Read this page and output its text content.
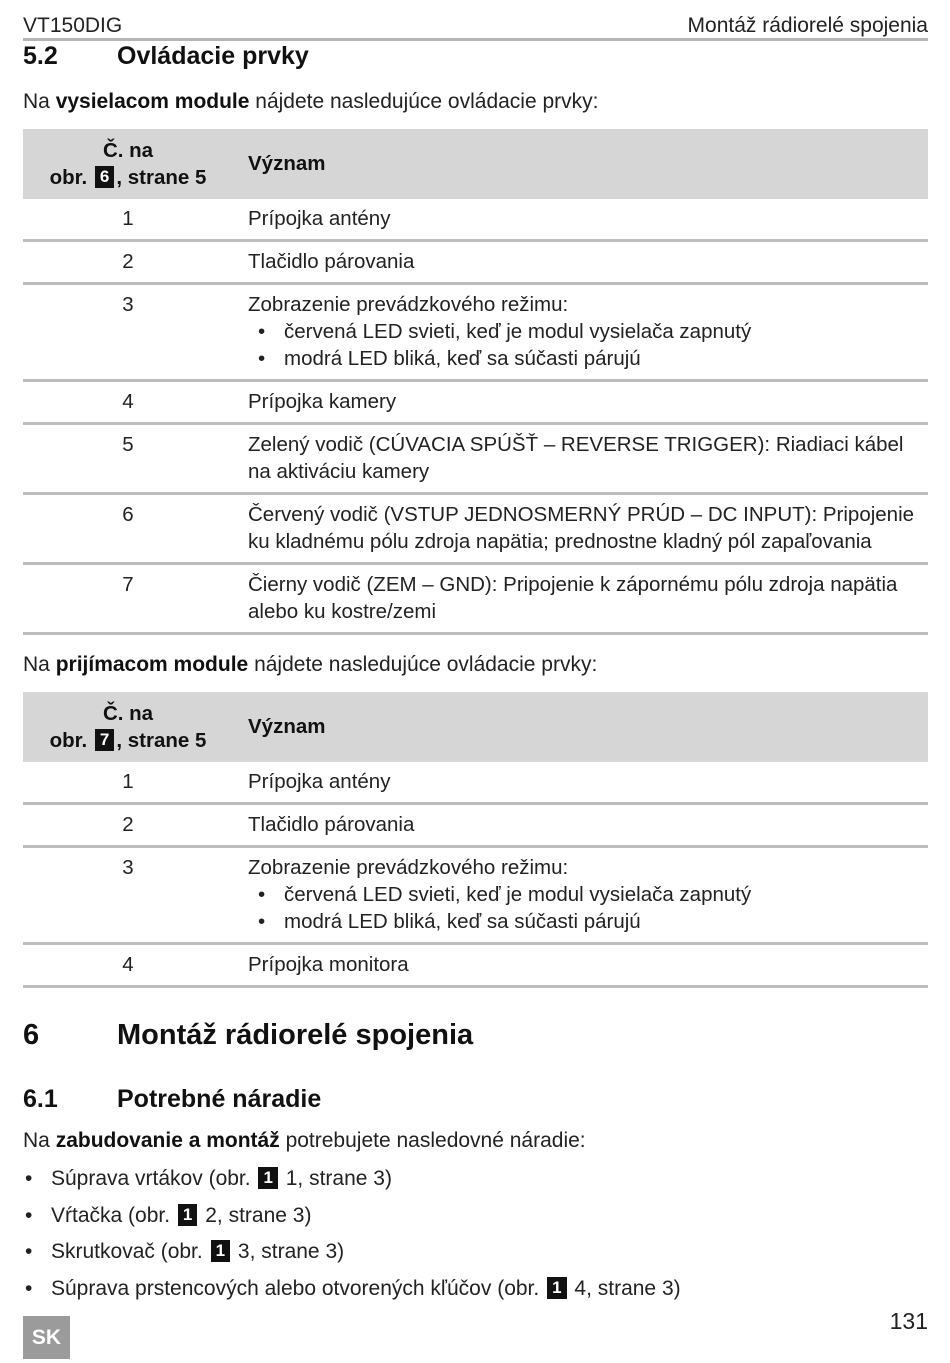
VT150DIG	Montáž rádiorelé spojenia
5.2	Ovládacie prvky
Na vysielacom module nájdete nasledujúce ovládacie prvky:
Č. na
obr. 6 , strane 5	Význam
1	Prípojka antény
2	Tlačidlo párovania
3	Zobrazenie prevádzkového režimu:
• červená LED svieti, keď je modul vysielača zapnutý
• modrá LED bliká, keď sa súčasti párujú

4	Prípojka kamery
5	Zelený vodič (CÚVACIA SPÚŠŤ – REVERSE TRIGGER): Riadiaci kábel na aktiváciu kamery
6	Červený vodič (VSTUP JEDNOSMERNÝ PRÚD – DC INPUT): Pripojenie ku kladnému pólu zdroja napätia; prednostne kladný pól zapaľovania
7	Čierny vodič (ZEM – GND): Pripojenie k zápornému pólu zdroja napätia alebo ku kostre/zemi
Na prijímacom module nájdete nasledujúce ovládacie prvky:
Č. na
obr. 7 , strane 5	Význam
1	Prípojka antény
2	Tlačidlo párovania
3	Zobrazenie prevádzkového režimu:
• červená LED svieti, keď je modul vysielača zapnutý
• modrá LED bliká, keď sa súčasti párujú

4	Prípojka monitora
6	Montáž rádiorelé spojenia
6.1	Potrebné náradie
Na zabudovanie a montáž potrebujete nasledovné náradie:
• Súprava vrtákov (obr. 1 1, strane 3)
• Vŕtačka (obr. 1 2, strane 3)
• Skrutkovač (obr. 1 3, strane 3)
• Súprava prstencových alebo otvorených kľúčov (obr. 1 4, strane 3)
SK
131
